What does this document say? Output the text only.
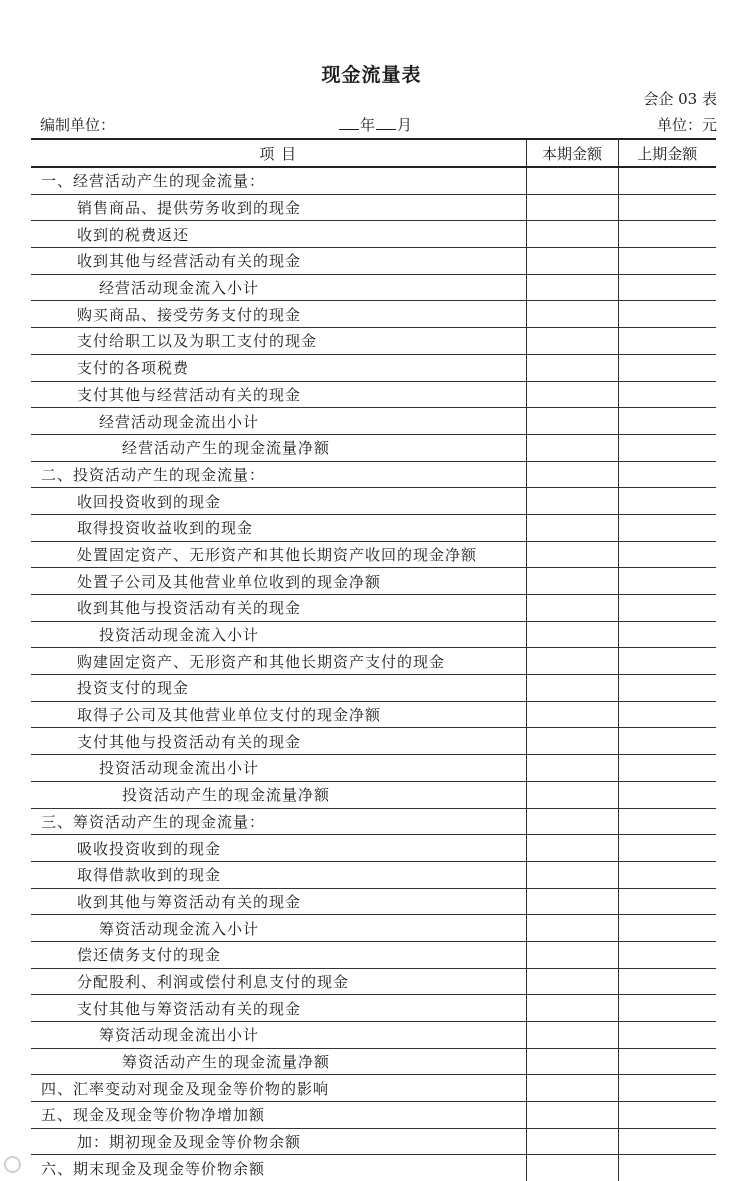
现金流量表
会企 03 表
编制单位：	年 月	单位：元
项 目	本期金额	上期金额
一、经营活动产生的现金流量：		
销售商品、提供劳务收到的现金		
收到的税费返还		
收到其他与经营活动有关的现金		
经营活动现金流入小计		
购买商品、接受劳务支付的现金		
支付给职工以及为职工支付的现金		
支付的各项税费		
支付其他与经营活动有关的现金		
经营活动现金流出小计		
经营活动产生的现金流量净额		
二、投资活动产生的现金流量：		
收回投资收到的现金		
取得投资收益收到的现金		
处置固定资产、无形资产和其他长期资产收回的现金净额		
处置子公司及其他营业单位收到的现金净额		
收到其他与投资活动有关的现金		
投资活动现金流入小计		
购建固定资产、无形资产和其他长期资产支付的现金		
投资支付的现金		
取得子公司及其他营业单位支付的现金净额		
支付其他与投资活动有关的现金		
投资活动现金流出小计		
投资活动产生的现金流量净额		
三、筹资活动产生的现金流量：		
吸收投资收到的现金		
取得借款收到的现金		
收到其他与筹资活动有关的现金		
筹资活动现金流入小计		
偿还债务支付的现金		
分配股利、利润或偿付利息支付的现金		
支付其他与筹资活动有关的现金		
筹资活动现金流出小计		
筹资活动产生的现金流量净额		
四、汇率变动对现金及现金等价物的影响		
五、现金及现金等价物净增加额		
加：期初现金及现金等价物余额		
六、期末现金及现金等价物余额		
